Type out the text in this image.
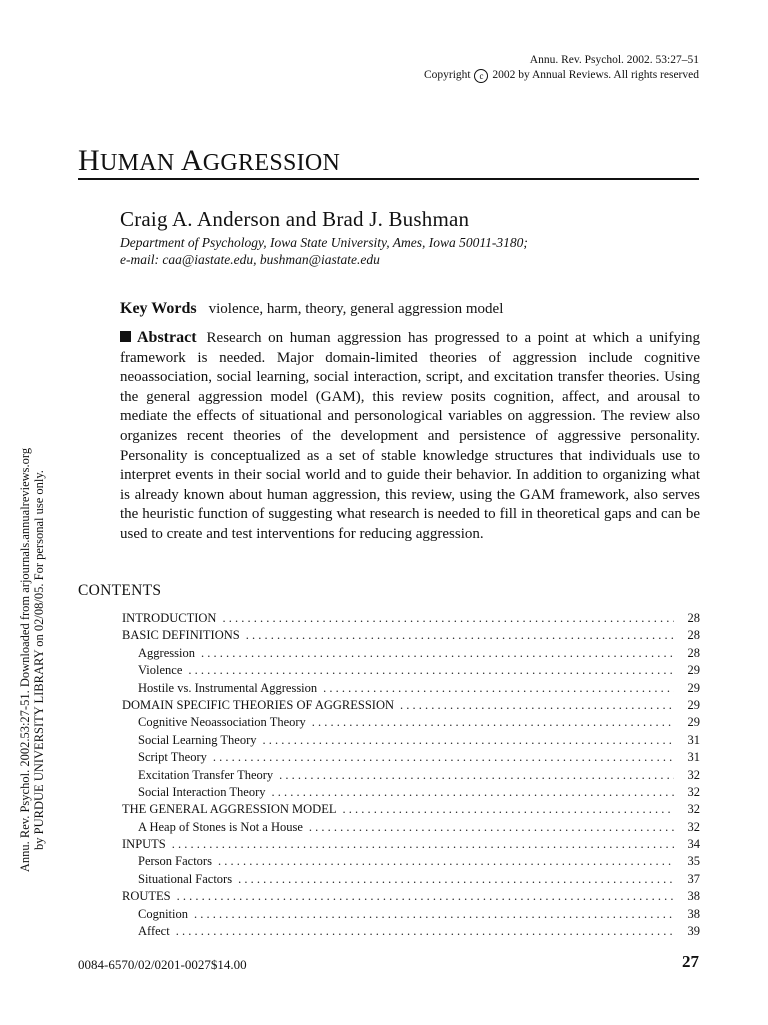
Annu. Rev. Psychol. 2002. 53:27–51
Copyright c 2002 by Annual Reviews. All rights reserved
HUMAN AGGRESSION
Craig A. Anderson and Brad J. Bushman
Department of Psychology, Iowa State University, Ames, Iowa 50011-3180;
e-mail: caa@iastate.edu, bushman@iastate.edu
Key Words violence, harm, theory, general aggression model
Abstract Research on human aggression has progressed to a point at which a unifying framework is needed. Major domain-limited theories of aggression include cognitive neoassociation, social learning, social interaction, script, and excitation transfer theories. Using the general aggression model (GAM), this review posits cognition, affect, and arousal to mediate the effects of situational and personological variables on aggression. The review also organizes recent theories of the development and persistence of aggressive personality. Personality is conceptualized as a set of stable knowledge structures that individuals use to interpret events in their social world and to guide their behavior. In addition to organizing what is already known about human aggression, this review, using the GAM framework, also serves the heuristic function of suggesting what research is needed to fill in theoretical gaps and can be used to create and test interventions for reducing aggression.
CONTENTS
INTRODUCTION . . .	28
BASIC DEFINITIONS . . .	28
Aggression . . .	28
Violence . . .	29
Hostile vs. Instrumental Aggression . . .	29
DOMAIN SPECIFIC THEORIES OF AGGRESSION . . .	29
Cognitive Neoassociation Theory . . .	29
Social Learning Theory . . .	31
Script Theory . . .	31
Excitation Transfer Theory . . .	32
Social Interaction Theory . . .	32
THE GENERAL AGGRESSION MODEL . . .	32
A Heap of Stones is Not a House . . .	32
INPUTS . . .	34
Person Factors . . .	35
Situational Factors . . .	37
ROUTES . . .	38
Cognition . . .	38
Affect . . .	39
0084-6570/02/0201-0027$14.00	27
Annu. Rev. Psychol. 2002.53:27-51. Downloaded from arjournals.annualreviews.org by PURDUE UNIVERSITY LIBRARY on 02/08/05. For personal use only.
